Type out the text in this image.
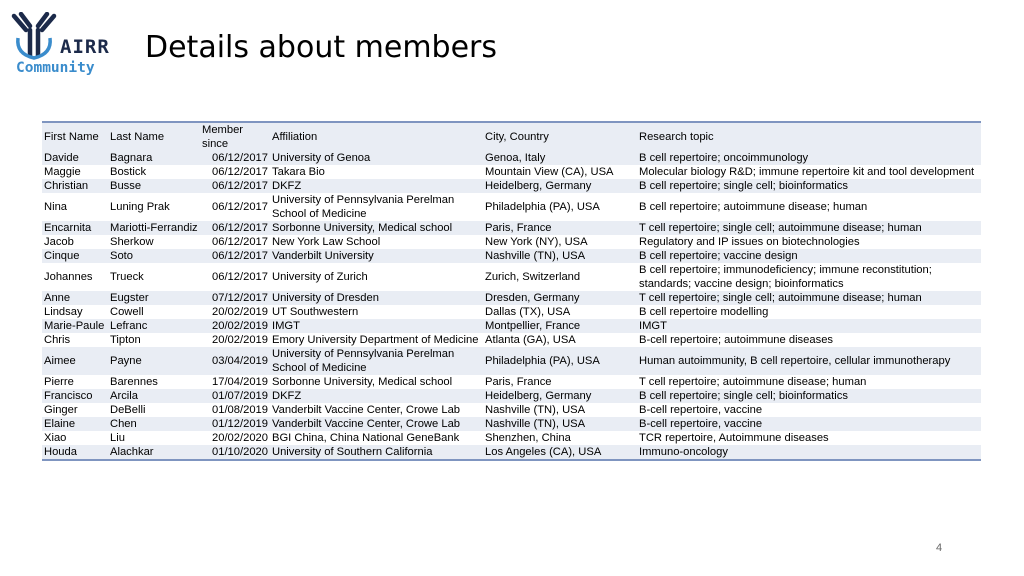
AIRR
Community
Details about members
First Name	Last Name	Member since	Affiliation	City, Country	Research topic
Davide	Bagnara	06/12/2017	University of Genoa	Genoa, Italy	B cell repertoire; oncoimmunology
Maggie	Bostick	06/12/2017	Takara Bio	Mountain View (CA), USA	Molecular biology R&D; immune repertoire kit and tool development
Christian	Busse	06/12/2017	DKFZ	Heidelberg, Germany	B cell repertoire; single cell; bioinformatics
Nina	Luning Prak	06/12/2017	University of Pennsylvania Perelman School of Medicine	Philadelphia (PA), USA	B cell repertoire; autoimmune disease; human
Encarnita	Mariotti-Ferrandiz	06/12/2017	Sorbonne University, Medical school	Paris, France	T cell repertoire; single cell; autoimmune disease; human
Jacob	Sherkow	06/12/2017	New York Law School	New York (NY), USA	Regulatory and IP issues on biotechnologies
Cinque	Soto	06/12/2017	Vanderbilt University	Nashville (TN), USA	B cell repertoire; vaccine design
Johannes	Trueck	06/12/2017	University of Zurich	Zurich, Switzerland	B cell repertoire; immunodeficiency; immune reconstitution; standards; vaccine design; bioinformatics
Anne	Eugster	07/12/2017	University of Dresden	Dresden, Germany	T cell repertoire; single cell; autoimmune disease; human
Lindsay	Cowell	20/02/2019	UT Southwestern	Dallas (TX), USA	B cell repertoire modelling
Marie-Paule	Lefranc	20/02/2019	IMGT	Montpellier, France	IMGT
Chris	Tipton	20/02/2019	Emory University Department of Medicine	Atlanta (GA), USA	B-cell repertoire; autoimmune diseases
Aimee	Payne	03/04/2019	University of Pennsylvania Perelman School of Medicine	Philadelphia (PA), USA	Human autoimmunity, B cell repertoire, cellular immunotherapy
Pierre	Barennes	17/04/2019	Sorbonne University, Medical school	Paris, France	T cell repertoire; autoimmune disease; human
Francisco	Arcila	01/07/2019	DKFZ	Heidelberg, Germany	B cell repertoire; single cell; bioinformatics
Ginger	DeBelli	01/08/2019	Vanderbilt Vaccine Center, Crowe Lab	Nashville (TN), USA	B-cell repertoire, vaccine
Elaine	Chen	01/12/2019	Vanderbilt Vaccine Center, Crowe Lab	Nashville (TN), USA	B-cell repertoire, vaccine
Xiao	Liu	20/02/2020	BGI China, China National GeneBank	Shenzhen, China	TCR repertoire, Autoimmune diseases
Houda	Alachkar	01/10/2020	University of Southern California	Los Angeles (CA), USA	Immuno-oncology
4
